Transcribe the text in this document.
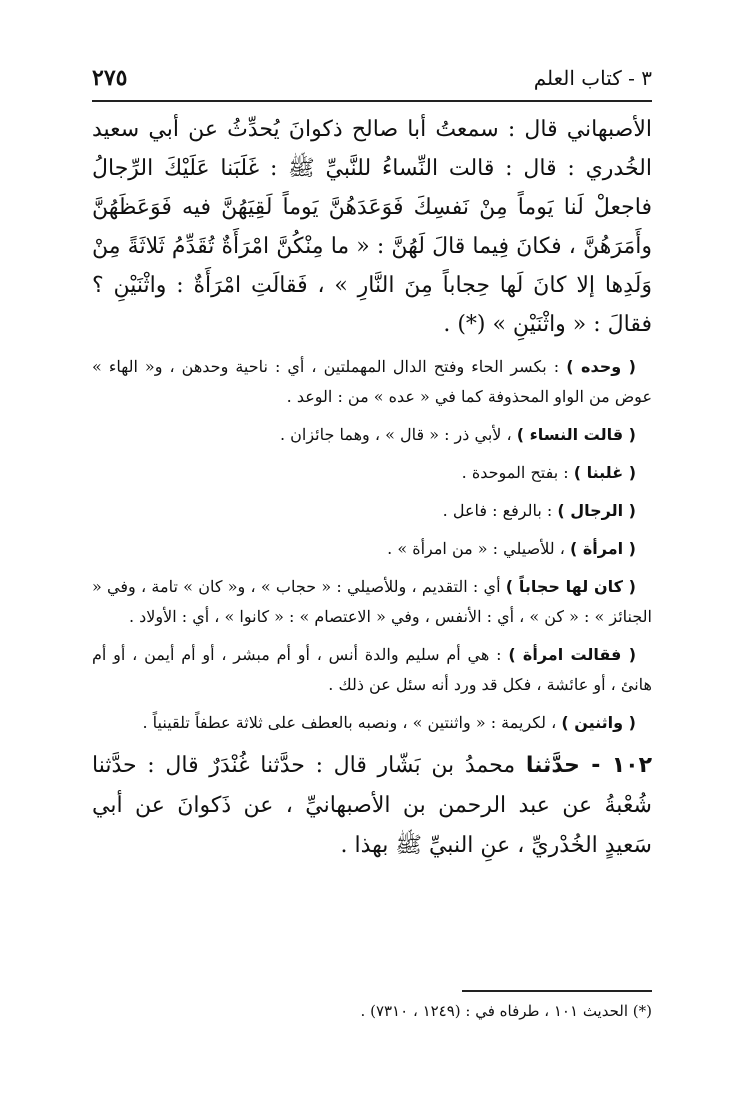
٢٧٥	٣ - كتاب العلم

الأصبهاني قال : سمعتُ أبا صالح ذكوانَ يُحدِّثُ عن أبي سعيد الخُدري : قال : قالت النِّساءُ للنَّبيِّ ﷺ : غَلَبَنا عَلَيْكَ الرِّجالُ فاجعلْ لَنا يَوماً مِنْ نَفسِكَ فَوَعَدَهُنَّ يَوماً لَقِيَهُنَّ فيه فَوَعَظَهُنَّ وأَمَرَهُنَّ ، فكانَ فِيما قالَ لَهُنَّ : « ما مِنْكُنَّ امْرَأَةٌ تُقَدِّمُ ثَلاثَةً مِنْ وَلَدِها إلا كانَ لَها حِجاباً مِنَ النَّارِ » ، فَقالَتِ امْرَأَةٌ : واثْنَيْنِ ؟ فقالَ : « واثْنَيْنِ » (*) .

( وحده ) : بكسر الحاء وفتح الدال المهملتين ، أي : ناحية وحدهن ، و« الهاء » عوض من الواو المحذوفة كما في « عده » من : الوعد .

( قالت النساء ) ، لأبي ذر : « قال » ، وهما جائزان .

( غلبنا ) : بفتح الموحدة .

( الرجال ) : بالرفع : فاعل .

( امرأة ) ، للأصيلي : « من امرأة » .

( كان لها حجاباً ) أي : التقديم ، وللأصيلي : « حجاب » ، و« كان » تامة ، وفي « الجنائز » : « كن » ، أي : الأنفس ، وفي « الاعتصام » : « كانوا » ، أي : الأولاد .

( فقالت امرأة ) : هي أم سليم والدة أنس ، أو أم مبشر ، أو أم أيمن ، أو أم هانئ ، أو عائشة ، فكل قد ورد أنه سئل عن ذلك .

( واثنين ) ، لكريمة : « واثنتين » ، ونصبه بالعطف على ثلاثة عطفاً تلقينياً .

١٠٢ - حدَّثنا محمدُ بن بَشّار قال : حدَّثنا غُنْدَرٌ قال : حدَّثنا شُعْبةُ عن عبد الرحمن بن الأصبهانيِّ ، عن ذَكوانَ عن أبي سَعيدٍ الخُدْريِّ ، عنِ النبيِّ ﷺ بهذا .

(*) الحديث ١٠١ ، طرفاه في : (١٢٤٩ ، ٧٣١٠) .
